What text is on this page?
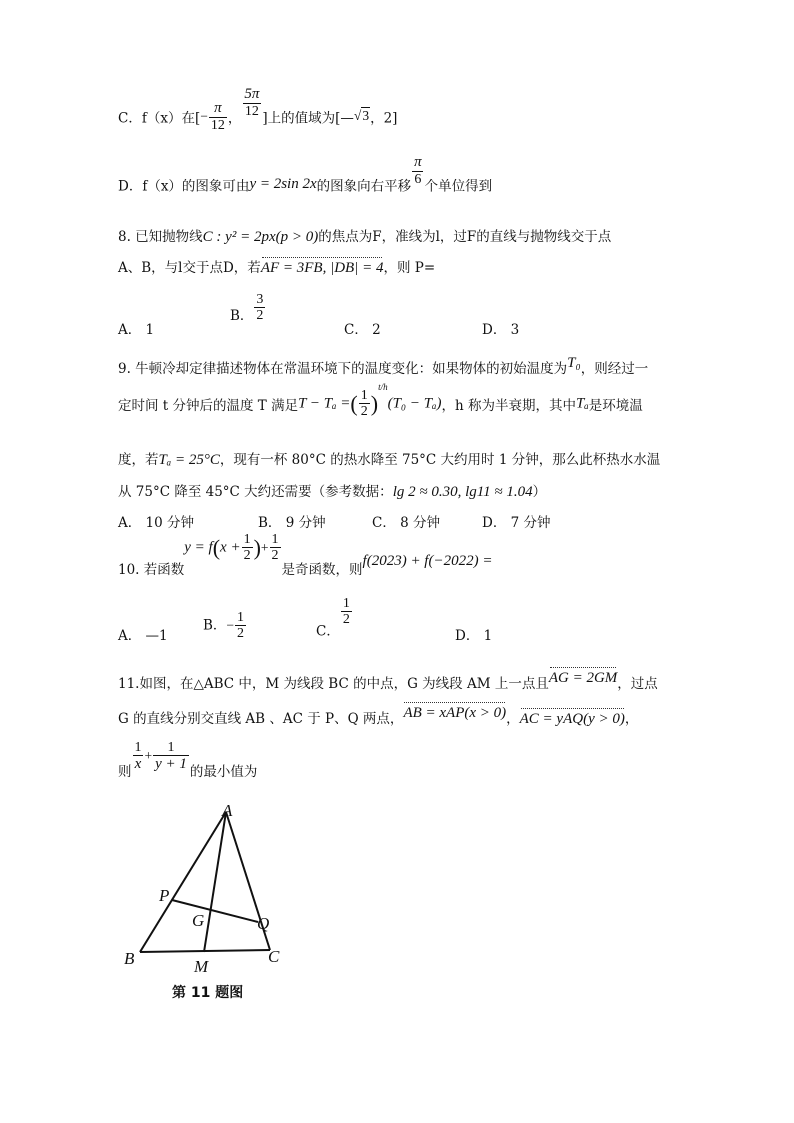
C．f（x）在[− $\frac{\pi}{12}$ ， $\frac{5\pi}{12}$ ]上的值域为[—√3，2]
D．f（x）的图象可由y = 2sin 2x的图象向右平移 $\frac{\pi}{6}$ 个单位得到
8. 已知抛物线C : y² = 2px(p > 0)的焦点为F，准线为l，过F的直线与抛物线交于点
A、B，与l交于点D，若AF = 3FB, |DB| = 4，则 P=
A． 1
B． $\frac{3}{2}$
C． 2	D． 3
9. 牛顿冷却定律描述物体在常温环境下的温度变化：如果物体的初始温度为T₀，则经过一
定时间 t 分钟后的温度 T 满足T − Tₐ =( $\frac{1}{2} )^{t/h}(T_0 - T_a)$，h 称为半衰期，其中Tₐ是环境温
度，若Tₐ = 25°C，现有一杯 80°C 的热水降至 75°C 大约用时 1 分钟，那么此杯热水水温
从 75°C 降至 45°C 大约还需要（参考数据：lg 2 ≈ 0.30, lg11 ≈ 1.04）
A． 10 分钟	B． 9 分钟	C． 8 分钟	D． 7 分钟
10. 若函数$y = f(x + \frac{1}{2}$ )+ $\frac{1}{2}$
是奇函数，则f(2023) + f(−2022) =
A． —1
B．− $\frac{1}{2}$	C．
$\frac{1}{2}$
D． 1
11.如图，在△ABC 中，M 为线段 BC 的中点，G 为线段 AM 上一点且AG = 2GM，过点
G 的直线分别交直线 AB 、AC 于 P、Q 两点，AB = xAP(x > 0)，AC = yAQ(y > 0)，
则 $\frac{1}{x} + \frac{1}{y + 1}$ 的最小值为
A
B	C
M
P
Q
G
第 11 题图
